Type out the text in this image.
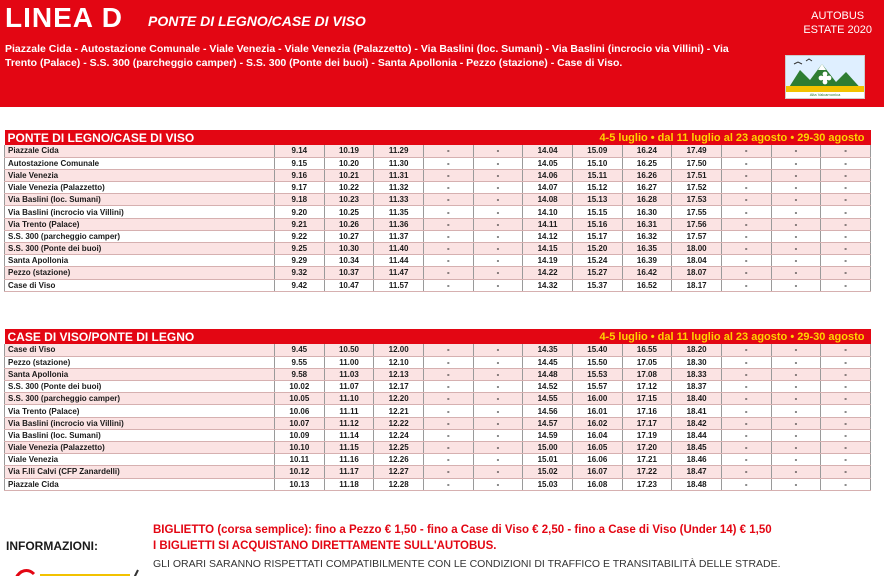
LINEA D PONTE DI LEGNO/CASE DI VISO
Piazzale Cida - Autostazione Comunale - Viale Venezia - Viale Venezia (Palazzetto) - Via Baslini (loc. Sumani) - Via Baslini (incrocio via Villini) - Via Trento (Palace) - S.S. 300 (parcheggio camper) - S.S. 300 (Ponte dei buoi) - Santa Apollonia - Pezzo (stazione) - Case di Viso.
AUTOBUS
ESTATE 2020
Alta Valcamonica
PONTE DI LEGNO/CASE DI VISO				4-5 luglio • dal 11 luglio al 23 agosto • 29-30 agosto								
Piazzale Cida	9.14	10.19	11.29	-	-	14.04	15.09	16.24	17.49	-	-	-
Autostazione Comunale	9.15	10.20	11.30	-	-	14.05	15.10	16.25	17.50	-	-	-
Viale Venezia	9.16	10.21	11.31	-	-	14.06	15.11	16.26	17.51	-	-	-
Viale Venezia (Palazzetto)	9.17	10.22	11.32	-	-	14.07	15.12	16.27	17.52	-	-	-
Via Baslini (loc. Sumani)	9.18	10.23	11.33	-	-	14.08	15.13	16.28	17.53	-	-	-
Via Baslini (incrocio via Villini)	9.20	10.25	11.35	-	-	14.10	15.15	16.30	17.55	-	-	-
Via Trento (Palace)	9.21	10.26	11.36	-	-	14.11	15.16	16.31	17.56	-	-	-
S.S. 300 (parcheggio camper)	9.22	10.27	11.37	-	-	14.12	15.17	16.32	17.57	-	-	-
S.S. 300 (Ponte dei buoi)	9.25	10.30	11.40	-	-	14.15	15.20	16.35	18.00	-	-	-
Santa Apollonia	9.29	10.34	11.44	-	-	14.19	15.24	16.39	18.04	-	-	-
Pezzo (stazione)	9.32	10.37	11.47	-	-	14.22	15.27	16.42	18.07	-	-	-
Case di Viso	9.42	10.47	11.57	-	-	14.32	15.37	16.52	18.17	-	-	-
CASE DI VISO/PONTE DI LEGNO				4-5 luglio • dal 11 luglio al 23 agosto • 29-30 agosto								
Case di Viso	9.45	10.50	12.00	-	-	14.35	15.40	16.55	18.20	-	-	-
Pezzo (stazione)	9.55	11.00	12.10	-	-	14.45	15.50	17.05	18.30	-	-	-
Santa Apollonia	9.58	11.03	12.13	-	-	14.48	15.53	17.08	18.33	-	-	-
S.S. 300 (Ponte dei buoi)	10.02	11.07	12.17	-	-	14.52	15.57	17.12	18.37	-	-	-
S.S. 300 (parcheggio camper)	10.05	11.10	12.20	-	-	14.55	16.00	17.15	18.40	-	-	-
Via Trento (Palace)	10.06	11.11	12.21	-	-	14.56	16.01	17.16	18.41	-	-	-
Via Baslini (incrocio via Villini)	10.07	11.12	12.22	-	-	14.57	16.02	17.17	18.42	-	-	-
Via Baslini (loc. Sumani)	10.09	11.14	12.24	-	-	14.59	16.04	17.19	18.44	-	-	-
Viale Venezia (Palazzetto)	10.10	11.15	12.25	-	-	15.00	16.05	17.20	18.45	-	-	-
Viale Venezia	10.11	11.16	12.26	-	-	15.01	16.06	17.21	18.46	-	-	-
Via F.lli Calvi (CFP Zanardelli)	10.12	11.17	12.27	-	-	15.02	16.07	17.22	18.47	-	-	-
Piazzale Cida	10.13	11.18	12.28	-	-	15.03	16.08	17.23	18.48	-	-	-
INFORMAZIONI:
BIGLIETTO (corsa semplice): fino a Pezzo € 1,50 - fino a Case di Viso € 2,50 - fino a Case di Viso (Under 14) € 1,50
I BIGLIETTI SI ACQUISTANO DIRETTAMENTE SULL'AUTOBUS.
GLI ORARI SARANNO RISPETTATI COMPATIBILMENTE CON LE CONDIZIONI DI TRAFFICO E TRANSITABILITÀ DELLE STRADE.
